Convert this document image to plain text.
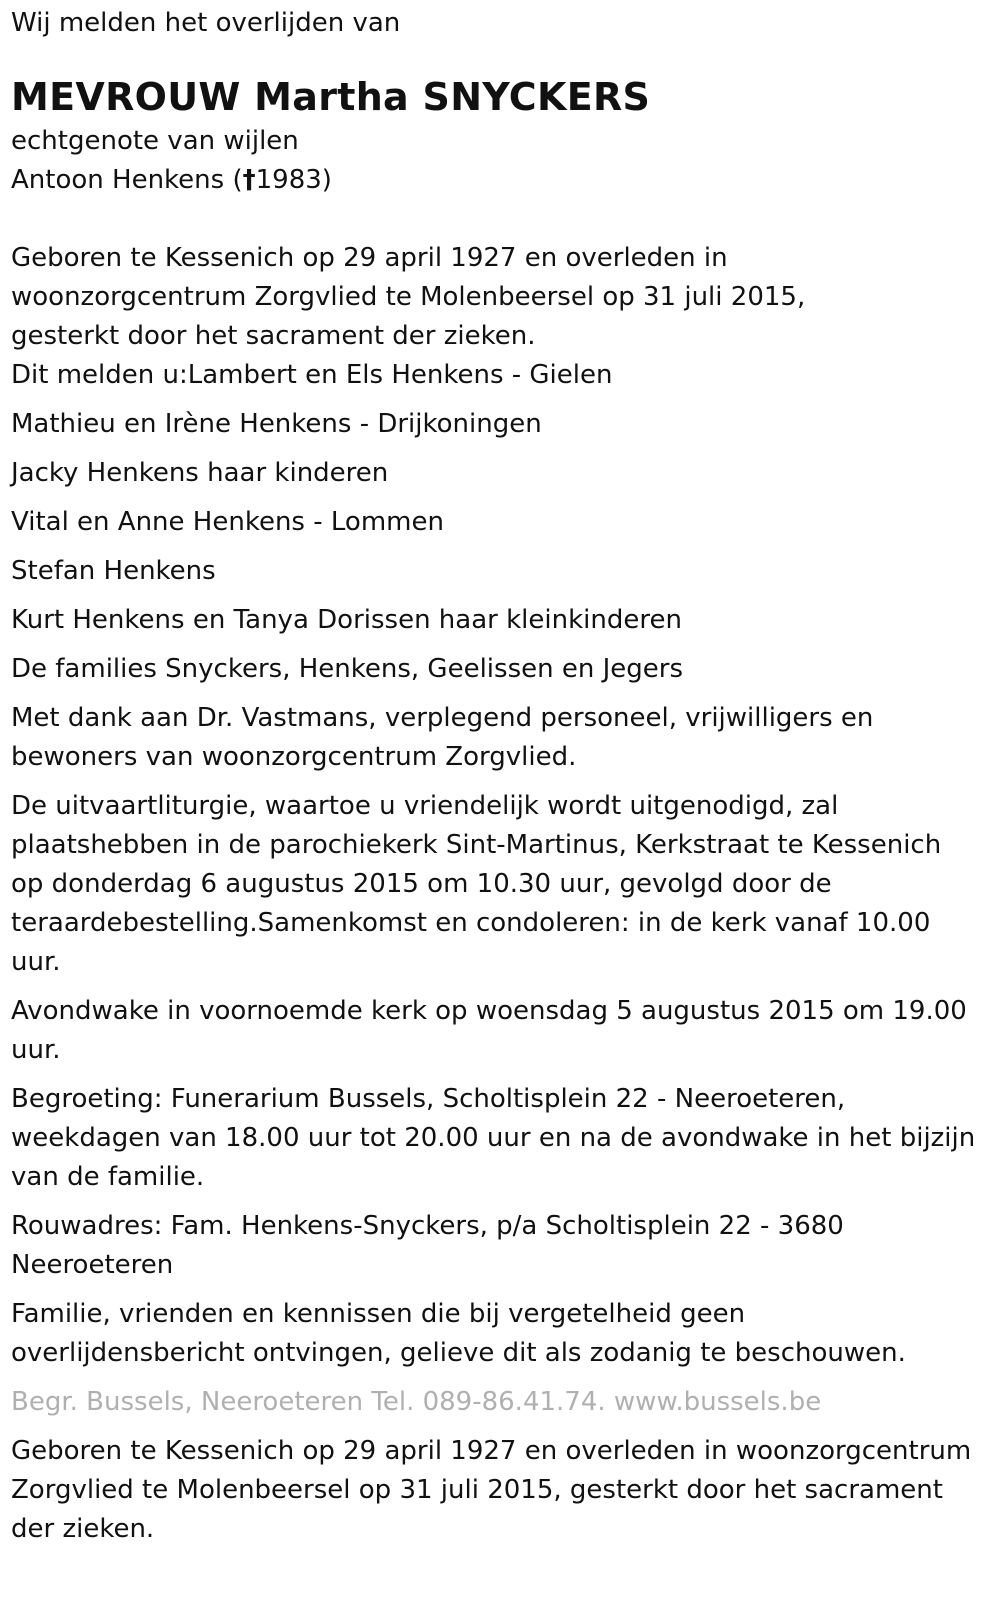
Wij melden het overlijden van

MEVROUW Martha SNYCKERS
echtgenote van wijlen
Antoon Henkens (†1983)
Geboren te Kessenich op 29 april 1927 en overleden in
woonzorgcentrum Zorgvlied te Molenbeersel op 31 juli 2015,
gesterkt door het sacrament der zieken.
Dit melden u:Lambert en Els Henkens - Gielen
Mathieu en Irène Henkens - Drijkoningen
Jacky Henkens haar kinderen
Vital en Anne Henkens - Lommen
Stefan Henkens
Kurt Henkens en Tanya Dorissen haar kleinkinderen
De families Snyckers, Henkens, Geelissen en Jegers
Met dank aan Dr. Vastmans, verplegend personeel, vrijwilligers en
bewoners van woonzorgcentrum Zorgvlied.
De uitvaartliturgie, waartoe u vriendelijk wordt uitgenodigd, zal
plaatshebben in de parochiekerk Sint-Martinus, Kerkstraat te Kessenich
op donderdag 6 augustus 2015 om 10.30 uur, gevolgd door de
teraardebestelling.Samenkomst en condoleren: in de kerk vanaf 10.00
uur.
Avondwake in voornoemde kerk op woensdag 5 augustus 2015 om 19.00
uur.
Begroeting: Funerarium Bussels, Scholtisplein 22 - Neeroeteren,
weekdagen van 18.00 uur tot 20.00 uur en na de avondwake in het bijzijn
van de familie.
Rouwadres: Fam. Henkens-Snyckers, p/a Scholtisplein 22 - 3680
Neeroeteren
Familie, vrienden en kennissen die bij vergetelheid geen
overlijdensbericht ontvingen, gelieve dit als zodanig te beschouwen.
Begr. Bussels, Neeroeteren Tel. 089-86.41.74. www.bussels.be
Geboren te Kessenich op 29 april 1927 en overleden in woonzorgcentrum
Zorgvlied te Molenbeersel op 31 juli 2015, gesterkt door het sacrament
der zieken.
